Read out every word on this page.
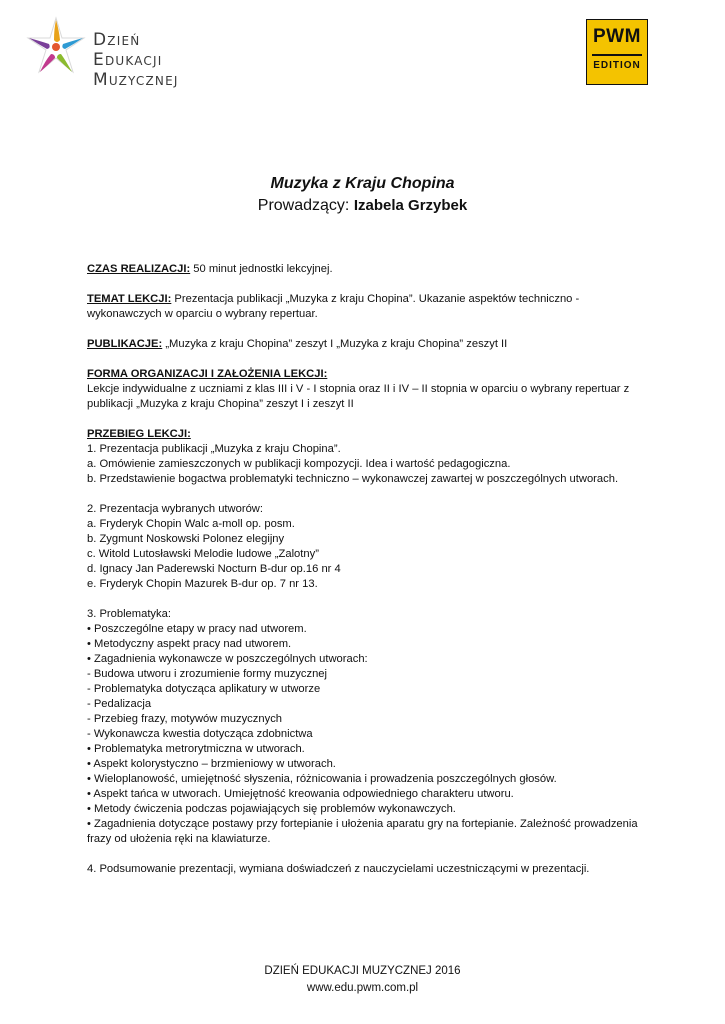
Dzień
Edukacji
Muzycznej
PWM
EDITION
Muzyka z Kraju Chopina
Prowadzący: Izabela Grzybek

CZAS REALIZACJI: 50 minut jednostki lekcyjnej.

TEMAT LEKCJI: Prezentacja publikacji „Muzyka z kraju Chopina”. Ukazanie aspektów techniczno - wykonawczych w oparciu o wybrany repertuar.

PUBLIKACJE: „Muzyka z kraju Chopina” zeszyt I „Muzyka z kraju Chopina” zeszyt II

FORMA ORGANIZACJI I ZAŁOŻENIA LEKCJI:

Lekcje indywidualne z uczniami z klas III i V - I stopnia oraz II i IV – II stopnia w oparciu o wybrany repertuar z publikacji „Muzyka z kraju Chopina” zeszyt I i zeszyt II

PRZEBIEG LEKCJI:

1. Prezentacja publikacji „Muzyka z kraju Chopina”.

a. Omówienie zamieszczonych w publikacji kompozycji. Idea i wartość pedagogiczna.

b. Przedstawienie bogactwa problematyki techniczno – wykonawczej zawartej w poszczególnych utworach.

2. Prezentacja wybranych utworów:

a. Fryderyk Chopin Walc a-moll op. posm.

b. Zygmunt Noskowski Polonez elegijny

c. Witold Lutosławski Melodie ludowe „Zalotny”

d. Ignacy Jan Paderewski Nocturn B-dur op.16 nr 4

e. Fryderyk Chopin Mazurek B-dur op. 7 nr 13.

3. Problematyka:

• Poszczególne etapy w pracy nad utworem.

• Metodyczny aspekt pracy nad utworem.

• Zagadnienia wykonawcze w poszczególnych utworach:

- Budowa utworu i zrozumienie formy muzycznej

- Problematyka dotycząca aplikatury w utworze

- Pedalizacja

- Przebieg frazy, motywów muzycznych

- Wykonawcza kwestia dotycząca zdobnictwa

• Problematyka metrorytmiczna w utworach.

• Aspekt kolorystyczno – brzmieniowy w utworach.

• Wieloplanowość, umiejętność słyszenia, różnicowania i prowadzenia poszczególnych głosów.

• Aspekt tańca w utworach. Umiejętność kreowania odpowiedniego charakteru utworu.

• Metody ćwiczenia podczas pojawiających się problemów wykonawczych.

• Zagadnienia dotyczące postawy przy fortepianie i ułożenia aparatu gry na fortepianie. Zależność prowadzenia frazy od ułożenia ręki na klawiaturze.

4. Podsumowanie prezentacji, wymiana doświadczeń z nauczycielami uczestniczącymi w prezentacji.

DZIEŃ EDUKACJI MUZYCZNEJ 2016
www.edu.pwm.com.pl
